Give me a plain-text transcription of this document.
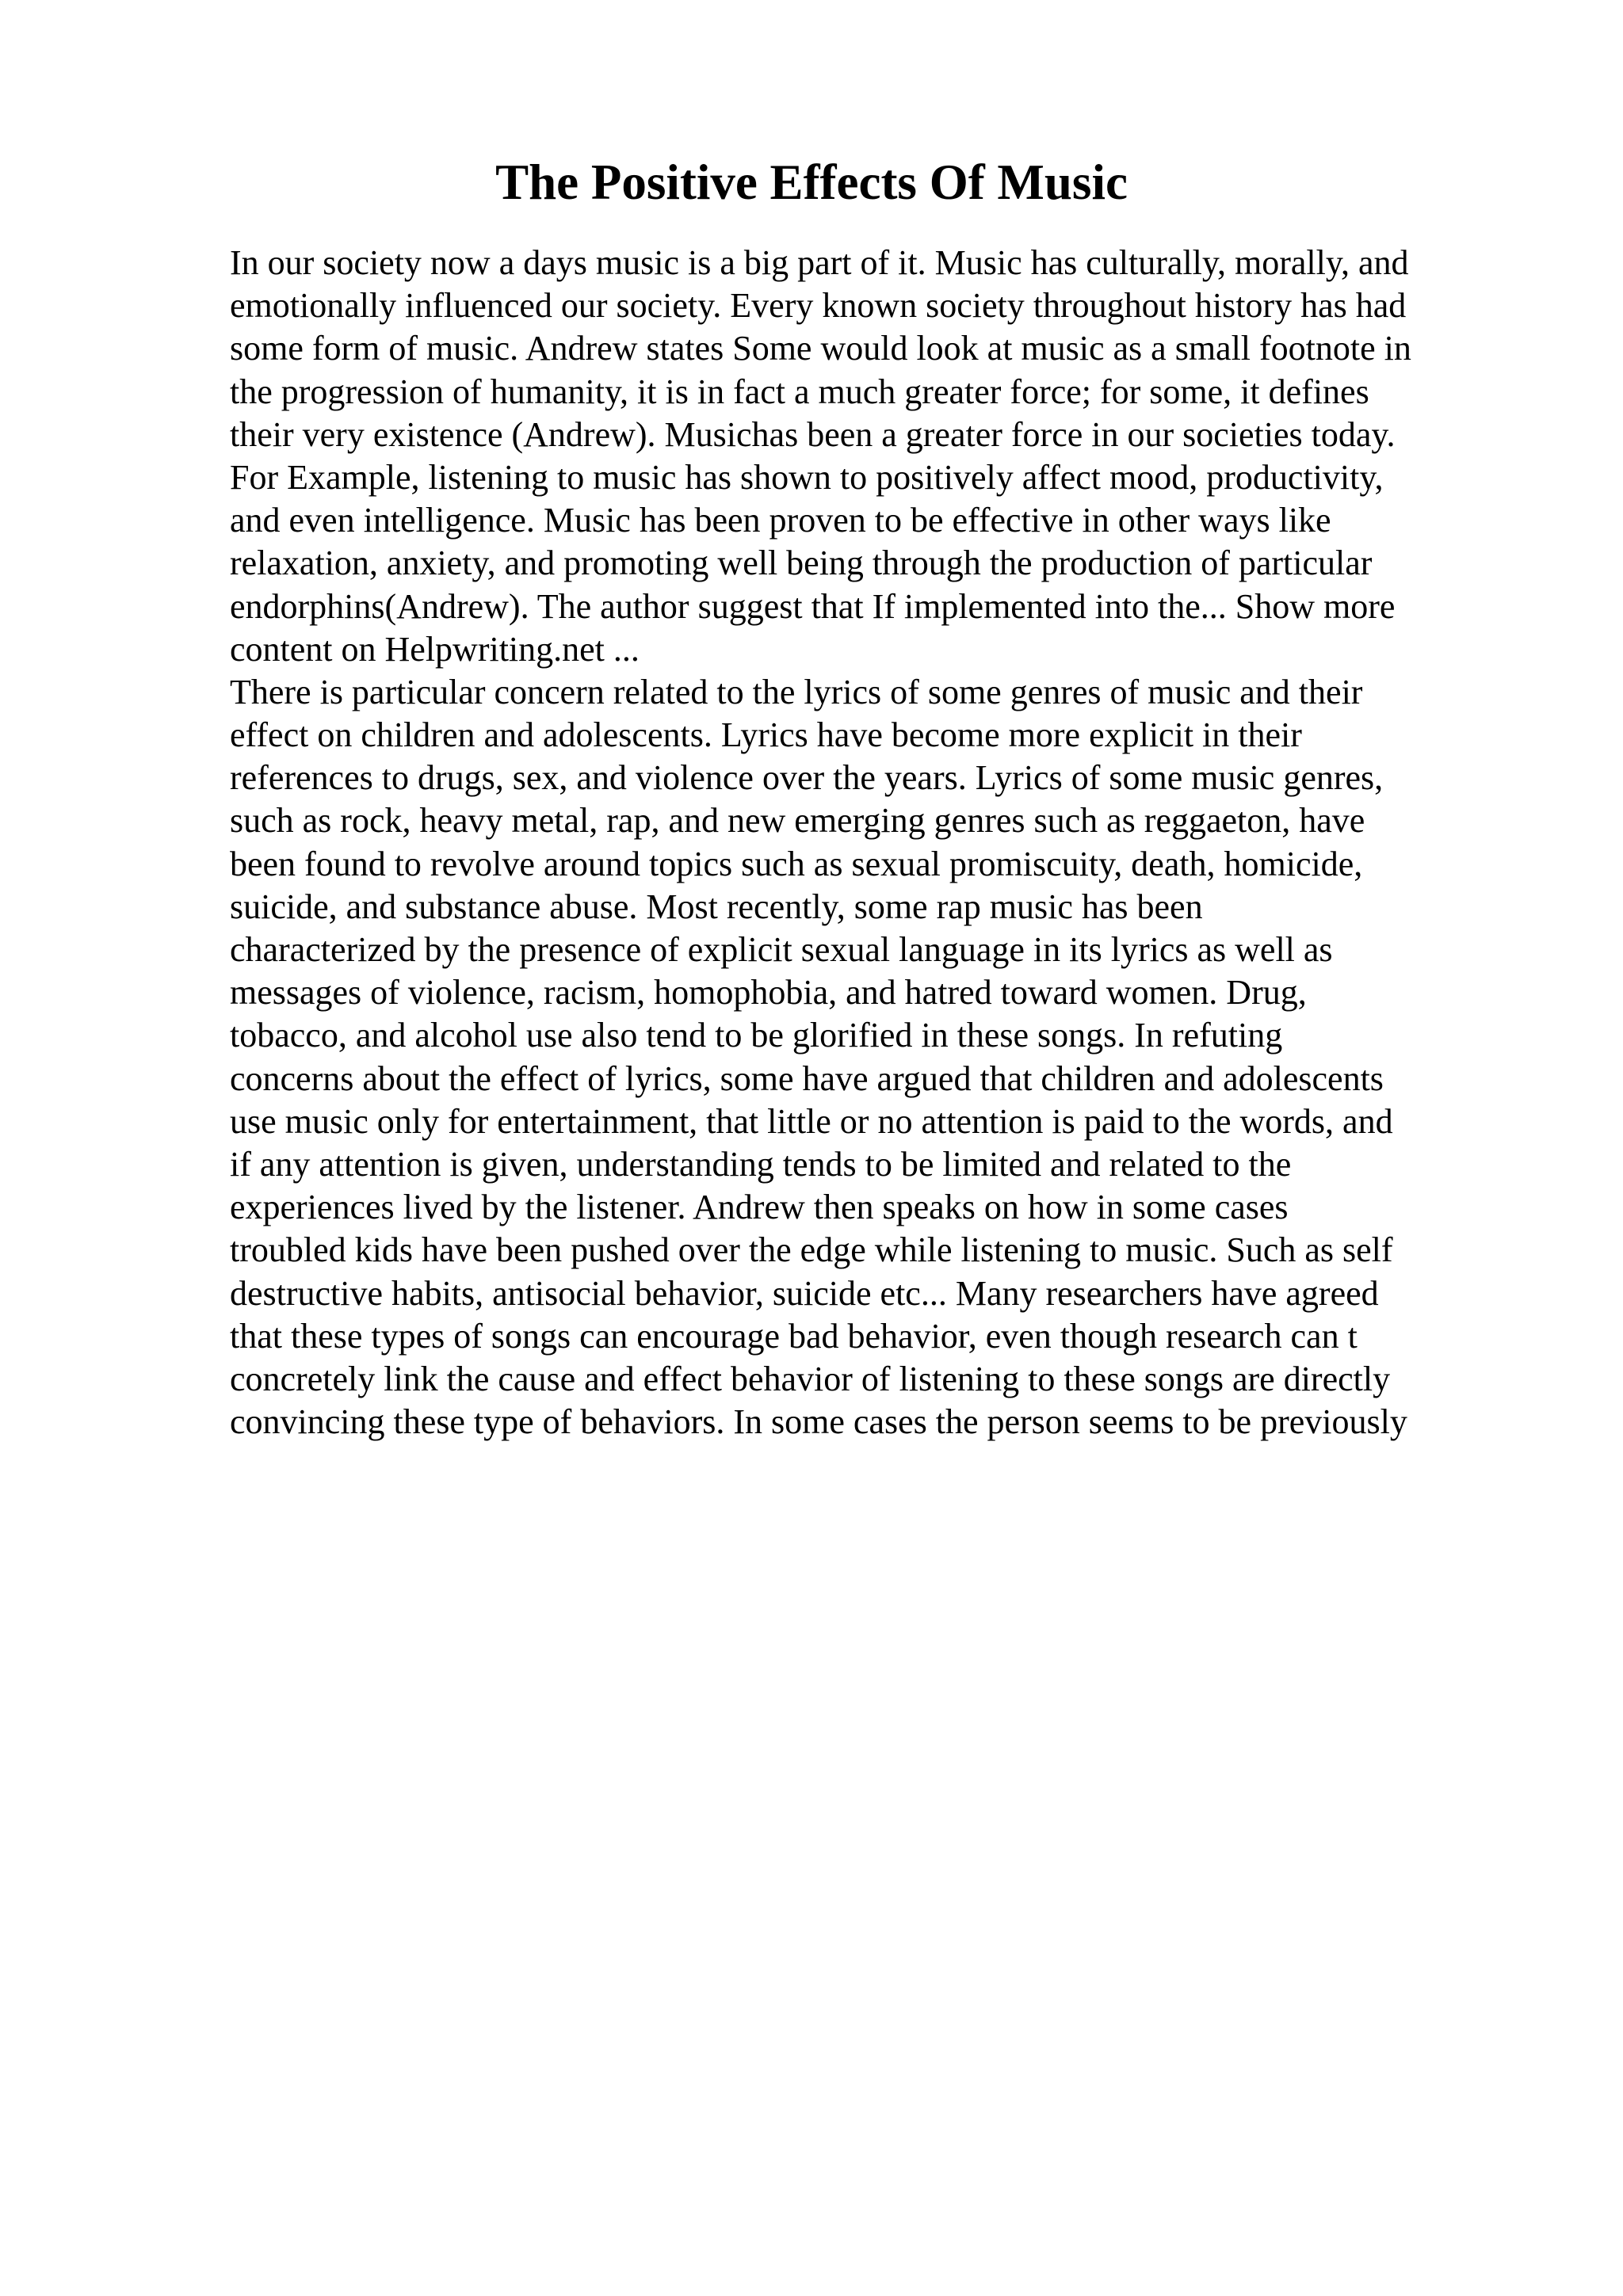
The Positive Effects Of Music
In our society now a days music is a big part of it. Music has culturally, morally, and
emotionally influenced our society. Every known society throughout history has had
some form of music. Andrew states Some would look at music as a small footnote in
the progression of humanity, it is in fact a much greater force; for some, it defines
their very existence (Andrew). Musichas been a greater force in our societies today.
For Example, listening to music has shown to positively affect mood, productivity,
and even intelligence. Music has been proven to be effective in other ways like
relaxation, anxiety, and promoting well being through the production of particular
endorphins(Andrew). The author suggest that If implemented into the... Show more
content on Helpwriting.net ...
There is particular concern related to the lyrics of some genres of music and their
effect on children and adolescents. Lyrics have become more explicit in their
references to drugs, sex, and violence over the years. Lyrics of some music genres,
such as rock, heavy metal, rap, and new emerging genres such as reggaeton, have
been found to revolve around topics such as sexual promiscuity, death, homicide,
suicide, and substance abuse. Most recently, some rap music has been
characterized by the presence of explicit sexual language in its lyrics as well as
messages of violence, racism, homophobia, and hatred toward women. Drug,
tobacco, and alcohol use also tend to be glorified in these songs. In refuting
concerns about the effect of lyrics, some have argued that children and adolescents
use music only for entertainment, that little or no attention is paid to the words, and
if any attention is given, understanding tends to be limited and related to the
experiences lived by the listener. Andrew then speaks on how in some cases
troubled kids have been pushed over the edge while listening to music. Such as self
destructive habits, antisocial behavior, suicide etc... Many researchers have agreed
that these types of songs can encourage bad behavior, even though research can t
concretely link the cause and effect behavior of listening to these songs are directly
convincing these type of behaviors. In some cases the person seems to be previously
